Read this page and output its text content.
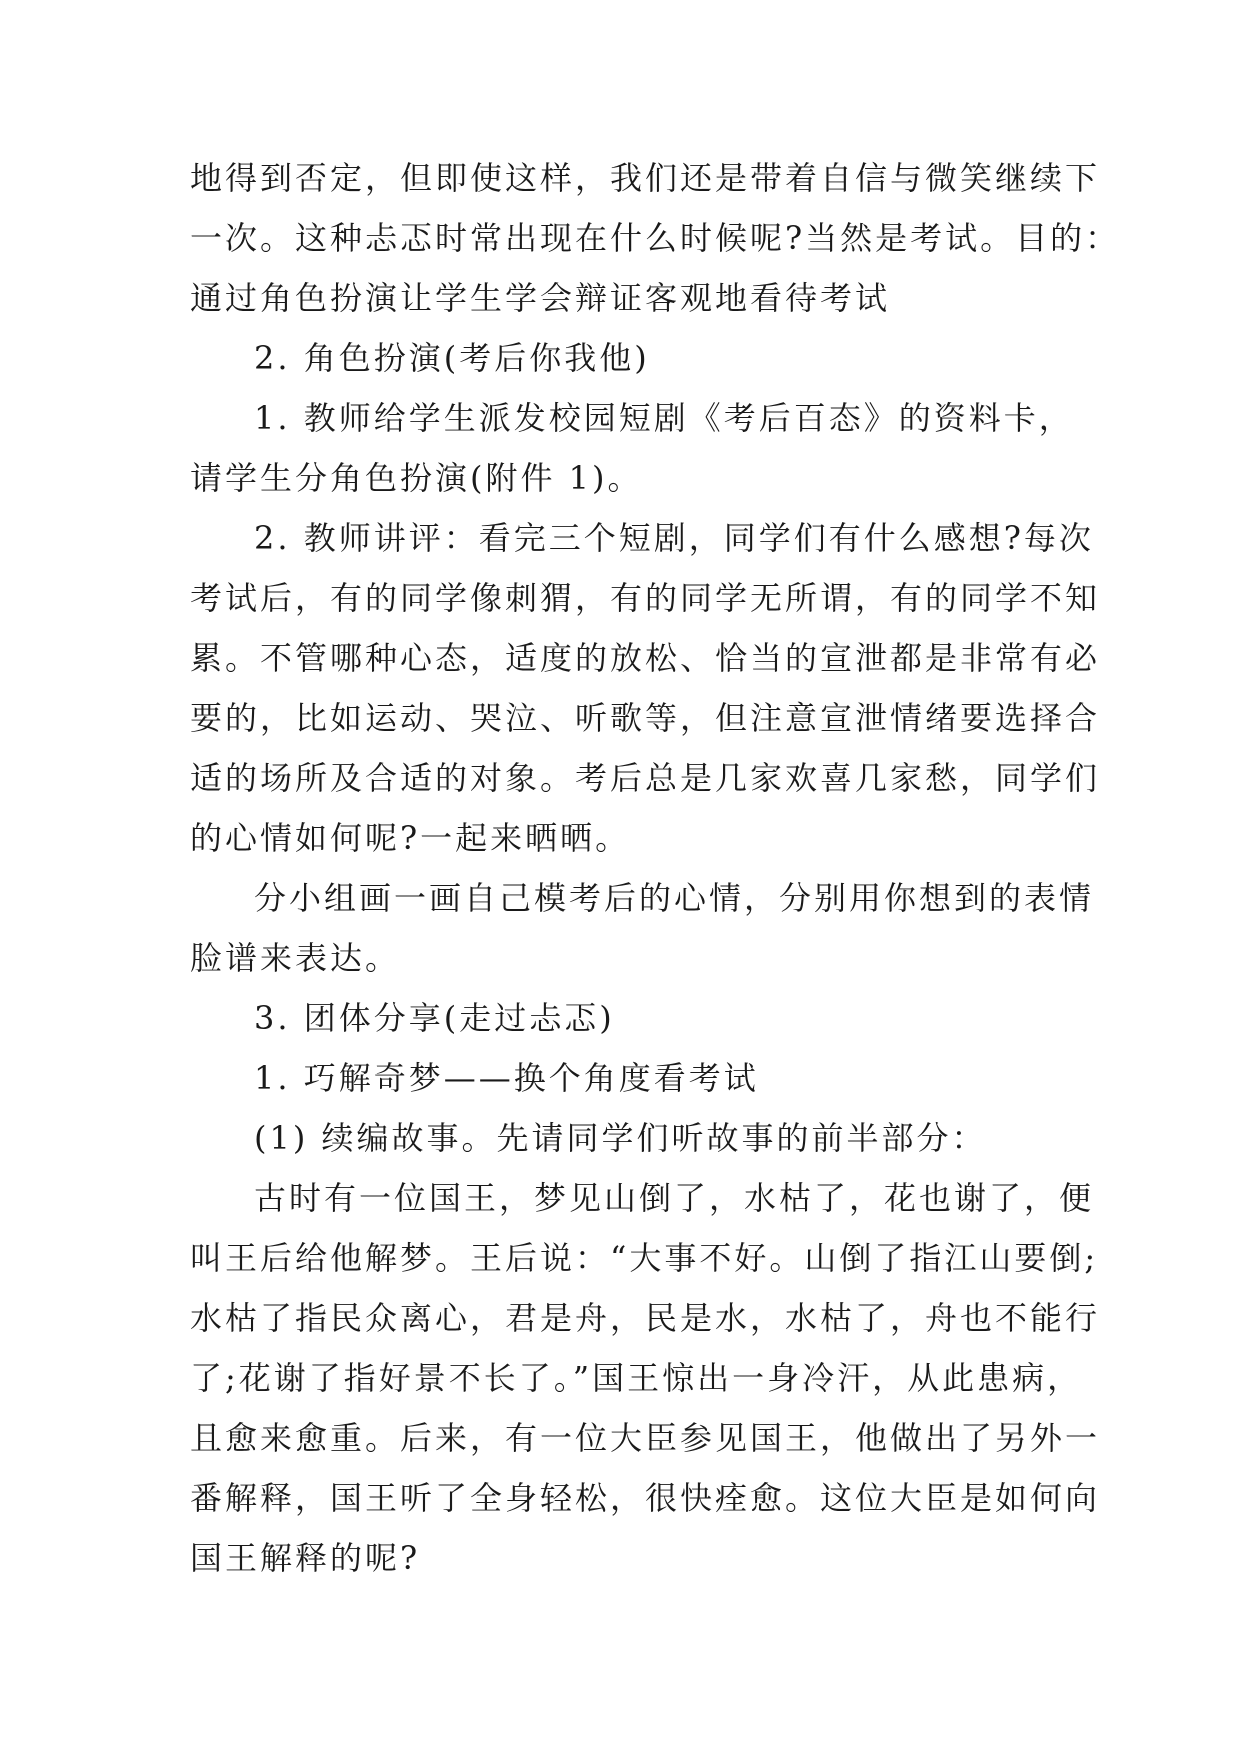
地得到否定，但即使这样，我们还是带着自信与微笑继续下
一次。这种忐忑时常出现在什么时候呢?当然是考试。目的：
通过角色扮演让学生学会辩证客观地看待考试
2. 角色扮演(考后你我他)
1. 教师给学生派发校园短剧《考后百态》的资料卡，
请学生分角色扮演(附件 1)。
2. 教师讲评：看完三个短剧，同学们有什么感想?每次
考试后，有的同学像刺猬，有的同学无所谓，有的同学不知
累。不管哪种心态，适度的放松、恰当的宣泄都是非常有必
要的，比如运动、哭泣、听歌等，但注意宣泄情绪要选择合
适的场所及合适的对象。考后总是几家欢喜几家愁，同学们
的心情如何呢?一起来晒晒。
分小组画一画自己模考后的心情，分别用你想到的表情
脸谱来表达。
3. 团体分享(走过忐忑)
1. 巧解奇梦——换个角度看考试
(1) 续编故事。先请同学们听故事的前半部分：
古时有一位国王，梦见山倒了，水枯了，花也谢了，便
叫王后给他解梦。王后说：“大事不好。山倒了指江山要倒;
水枯了指民众离心，君是舟，民是水，水枯了，舟也不能行
了;花谢了指好景不长了。”国王惊出一身冷汗，从此患病，
且愈来愈重。后来，有一位大臣参见国王，他做出了另外一
番解释，国王听了全身轻松，很快痊愈。这位大臣是如何向
国王解释的呢?
